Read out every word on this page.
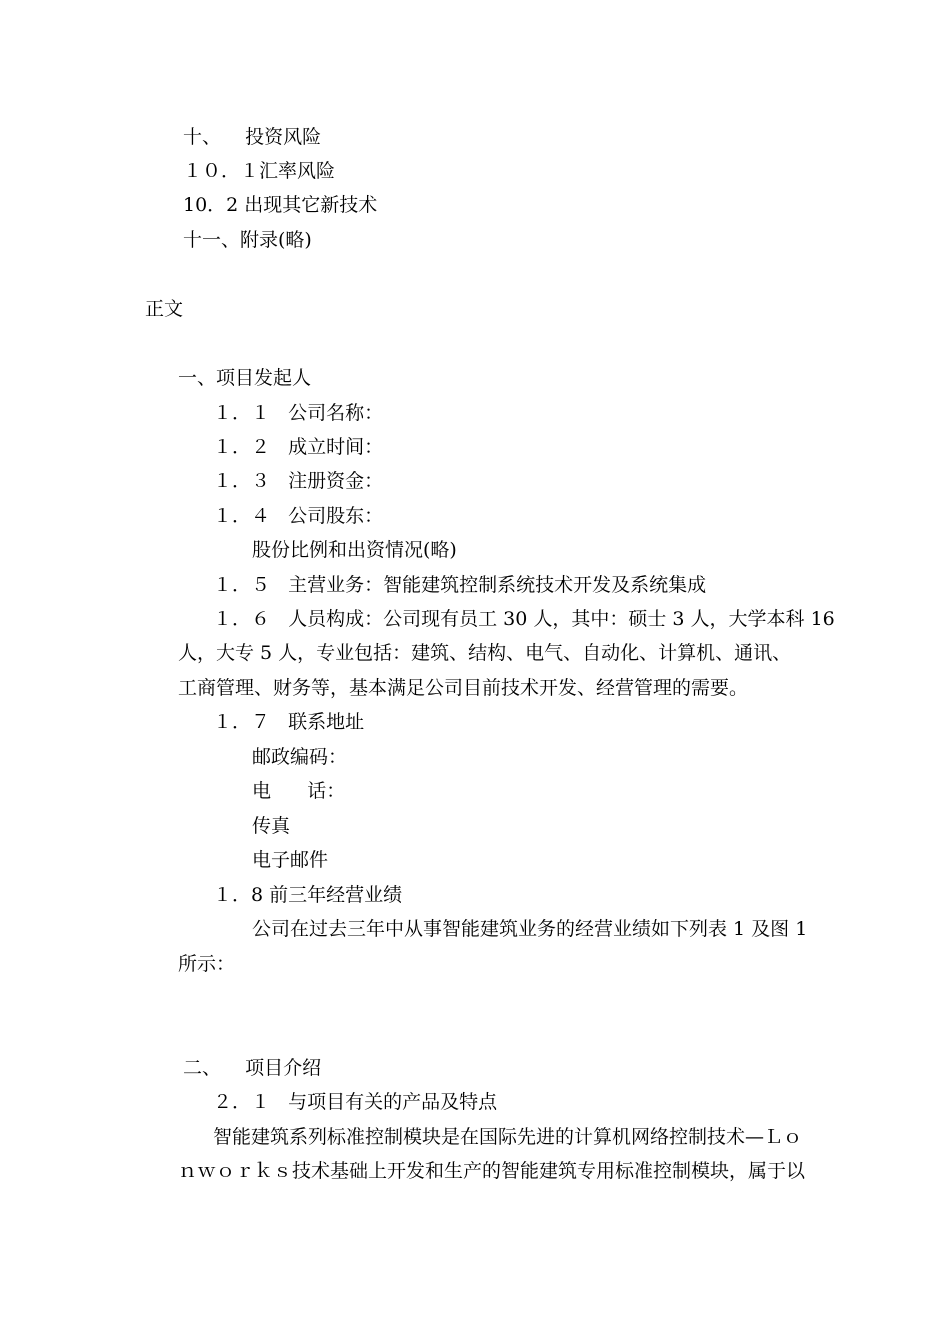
十、    投资风险
１０．１汇率风险
10．2 出现其它新技术
十一、附录(略)
正文
一、项目发起人
１．１   公司名称：
１．２   成立时间：
１．３   注册资金：
１．４   公司股东：
股份比例和出资情况(略)
１．５   主营业务：智能建筑控制系统技术开发及系统集成
１．６   人员构成：公司现有员工 30 人，其中：硕士 3 人，大学本科 16
人，大专 5 人，专业包括：建筑、结构、电气、自动化、计算机、通讯、
工商管理、财务等，基本满足公司目前技术开发、经营管理的需要。
１．７   联系地址
邮政编码：
电      话：
传真
电子邮件
１．8 前三年经营业绩
公司在过去三年中从事智能建筑业务的经营业绩如下列表 1 及图 1
所示：
二、    项目介绍
２．１   与项目有关的产品及特点
智能建筑系列标准控制模块是在国际先进的计算机网络控制技术—Ｌｏ
ｎｗｏｒｋｓ技术基础上开发和生产的智能建筑专用标准控制模块，属于以
